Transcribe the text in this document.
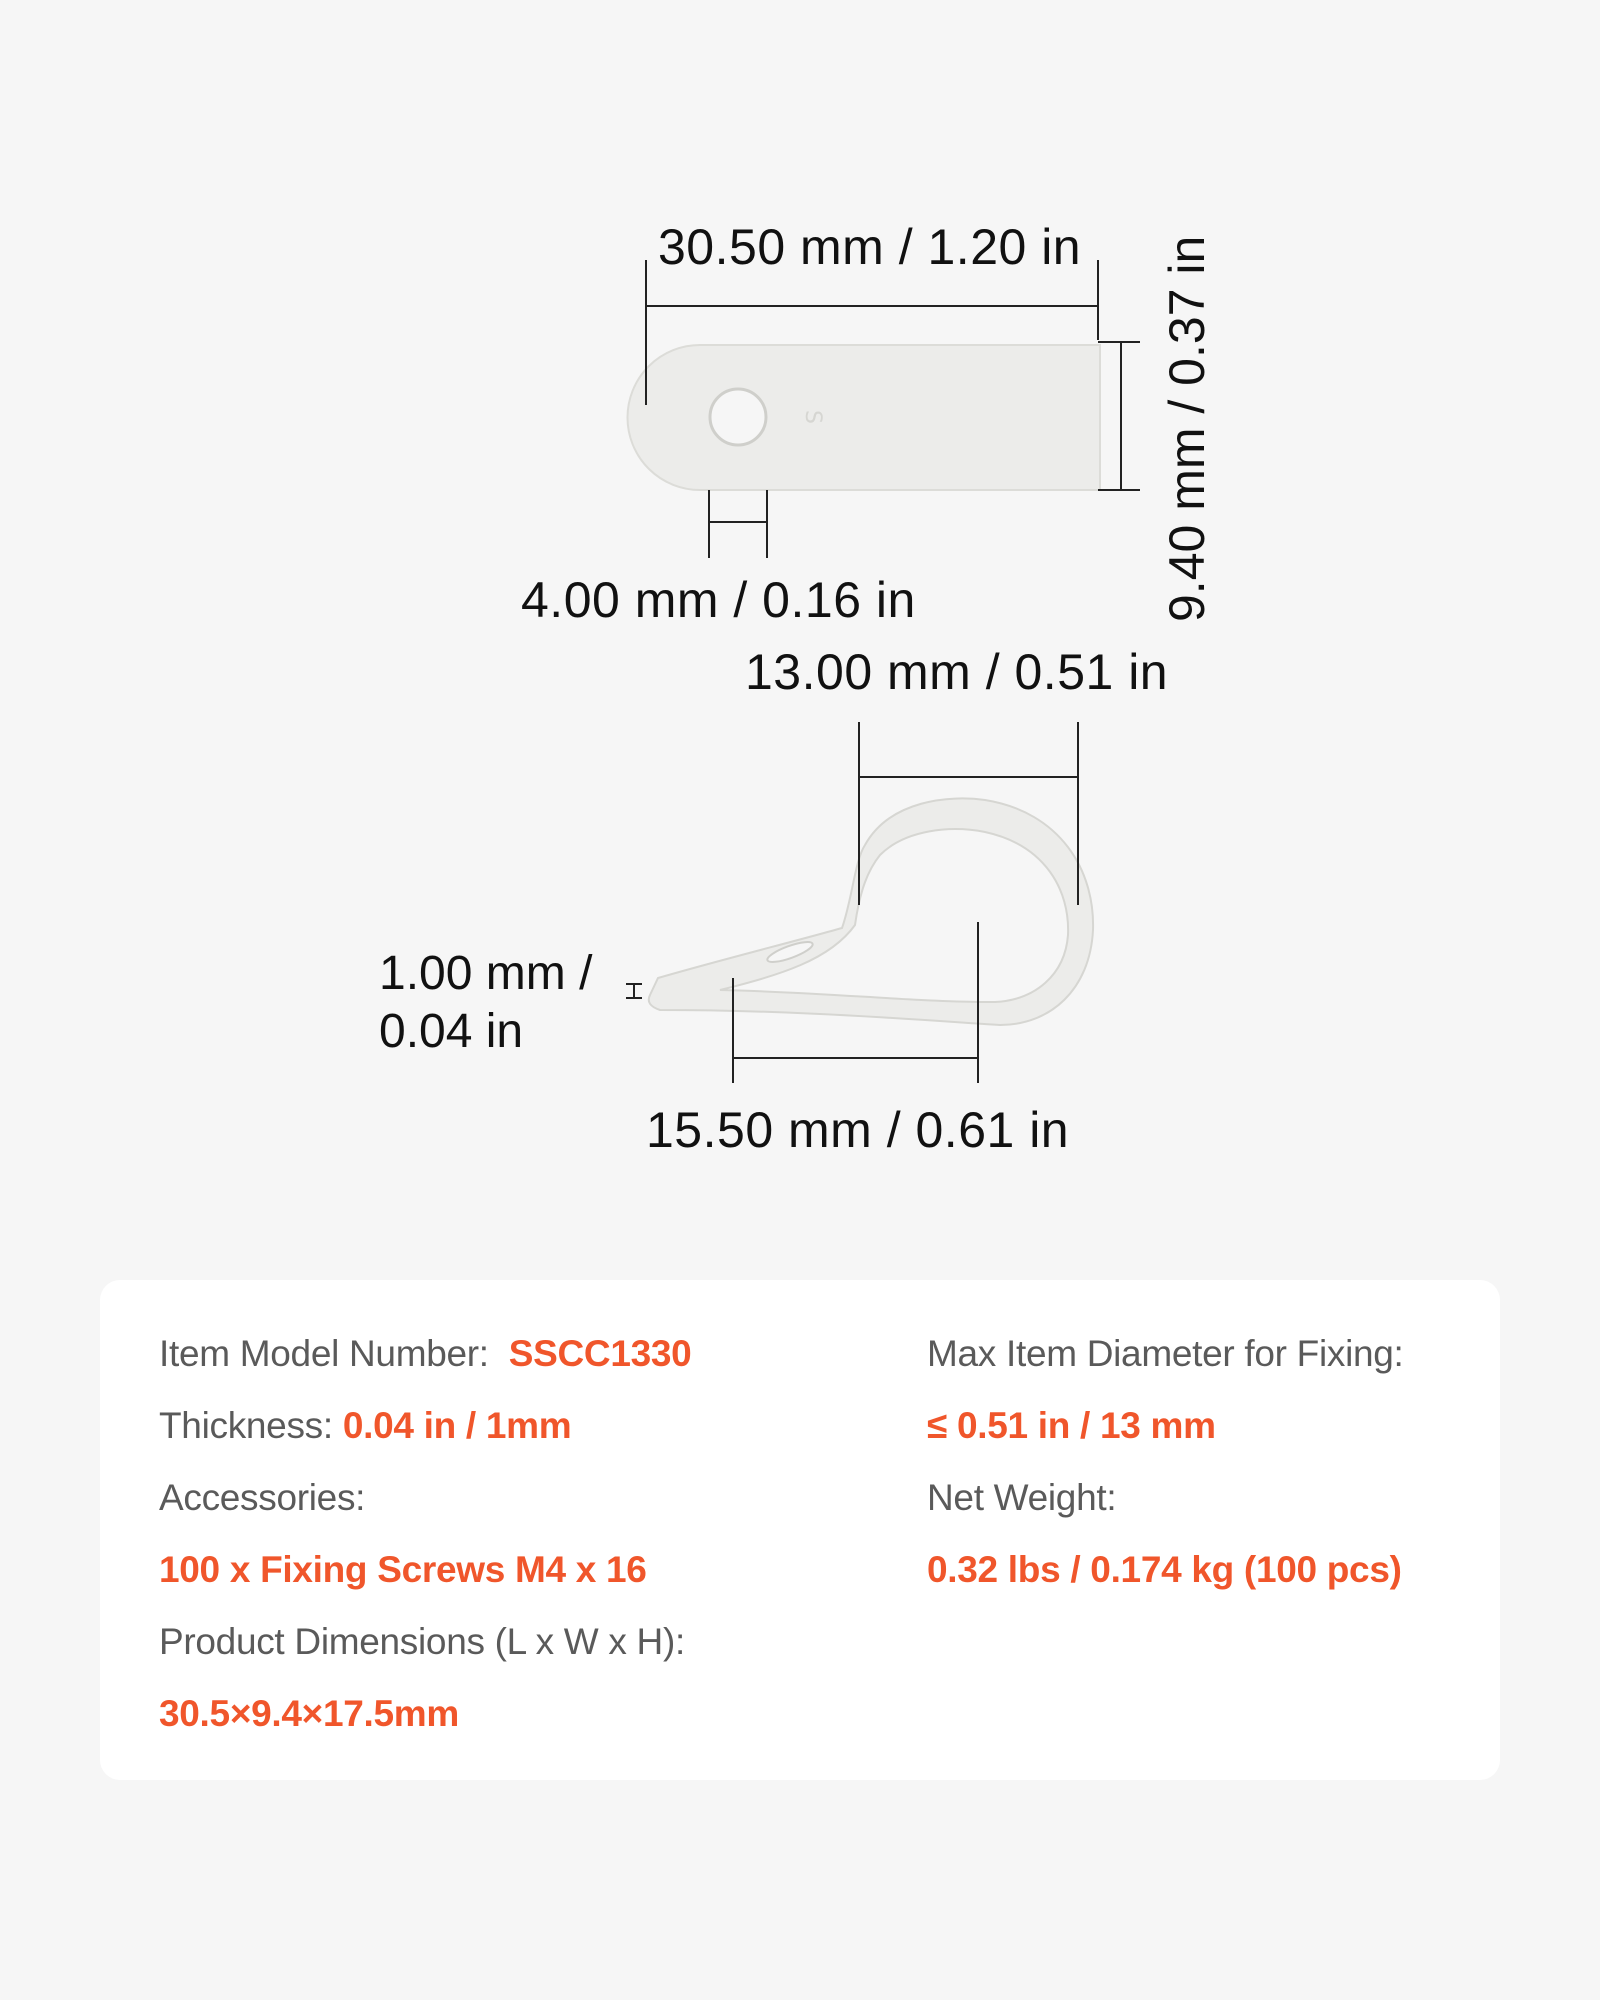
S
30.50 mm / 1.20 in 9.40 mm / 0.37 in
4.00 mm / 0.16 in
13.00 mm / 0.51 in
1.00 mm /
0.04 in
15.50 mm / 0.61 in
Item Model Number: SSCC1330
Thickness: 0.04 in / 1mm
Accessories:
100 x Fixing Screws M4 x 16
Product Dimensions (L x W x H):
30.5×9.4×17.5mm
Max Item Diameter for Fixing:
≤ 0.51 in / 13 mm
Net Weight:
0.32 lbs / 0.174 kg (100 pcs)
